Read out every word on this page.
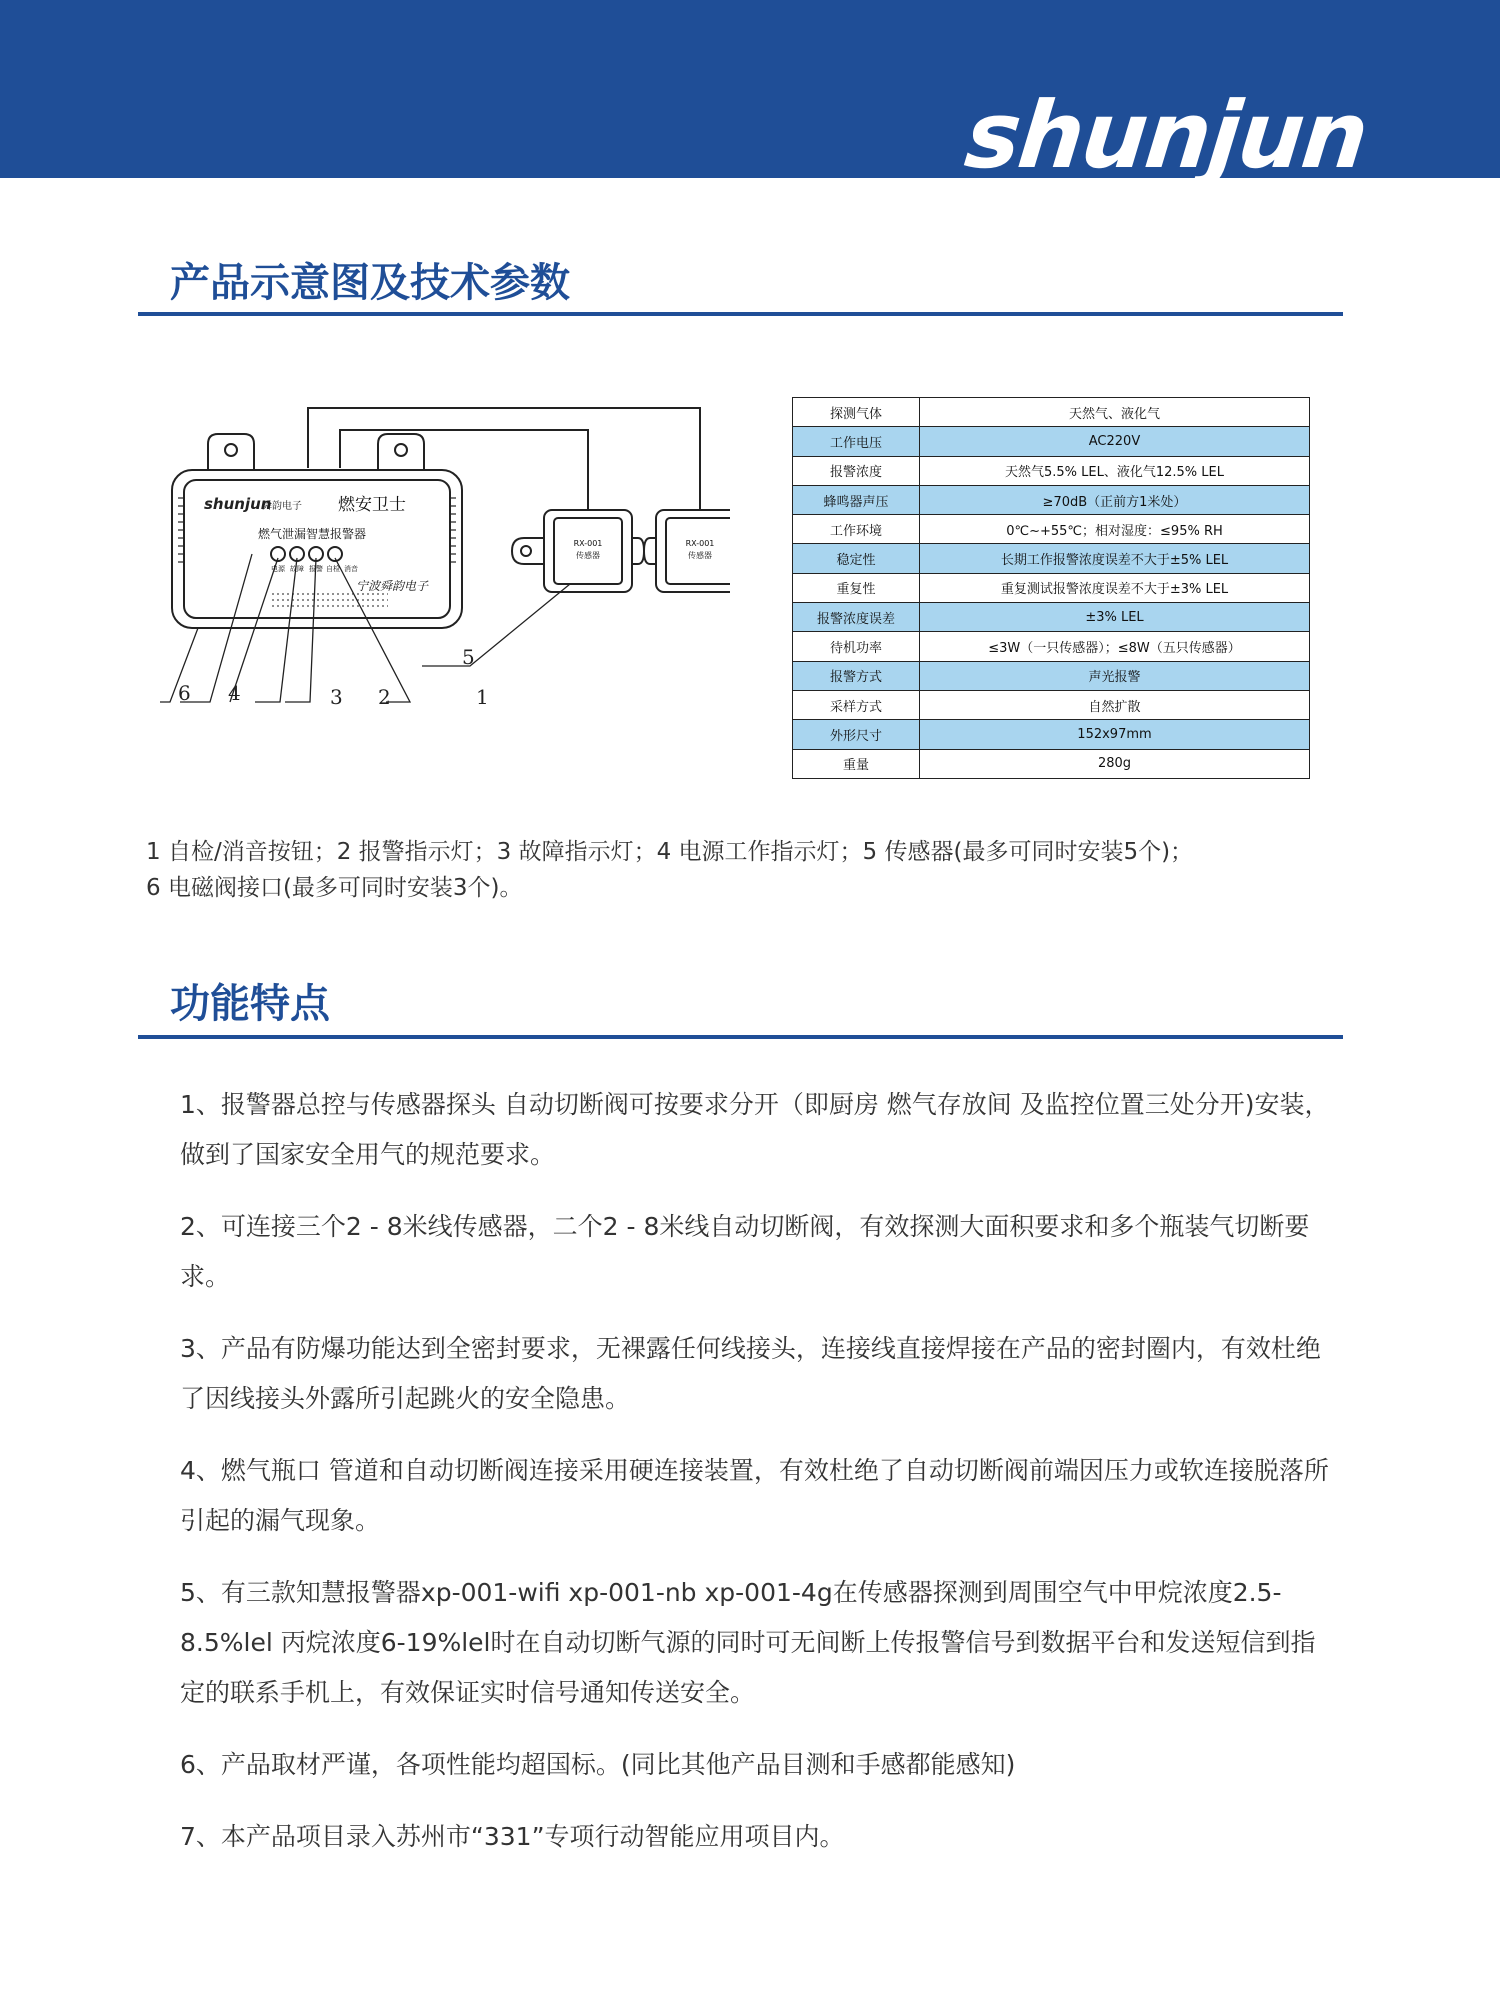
shunjun
产品示意图及技术参数
shunjun
舜韵电子 燃安卫士
燃气泄漏智慧报警器
电源 故障 报警 自检 消音
宁波舜韵电子
RX-001
传感器
RX-001
传感器
6 4	3 2	1
5
探测气体	天然气、液化气
工作电压	AC220V
报警浓度	天然气5.5% LEL、液化气12.5% LEL
蜂鸣器声压	≥70dB（正前方1米处）
工作环境	0℃~+55℃；相对湿度：≤95% RH
稳定性	长期工作报警浓度误差不大于±5% LEL
重复性	重复测试报警浓度误差不大于±3% LEL
报警浓度误差	±3% LEL
待机功率	≤3W（一只传感器）；≤8W（五只传感器）
报警方式	声光报警
采样方式	自然扩散
外形尺寸	152x97mm
重量	280g
1 自检/消音按钮；2 报警指示灯；3 故障指示灯；4 电源工作指示灯；5 传感器(最多可同时安装5个)；
6 电磁阀接口(最多可同时安装3个)。
功能特点

1、报警器总控与传感器探头 自动切断阀可按要求分开（即厨房 燃气存放间 及监控位置三处分开)安装，做到了国家安全用气的规范要求。

2、可连接三个2 - 8米线传感器，二个2 - 8米线自动切断阀，有效探测大面积要求和多个瓶装气切断要求。

3、产品有防爆功能达到全密封要求，无裸露任何线接头，连接线直接焊接在产品的密封圈内，有效杜绝了因线接头外露所引起跳火的安全隐患。

4、燃气瓶口 管道和自动切断阀连接采用硬连接装置，有效杜绝了自动切断阀前端因压力或软连接脱落所引起的漏气现象。

5、有三款知慧报警器xp-001-wifi xp-001-nb xp-001-4g在传感器探测到周围空气中甲烷浓度2.5-8.5%lel 丙烷浓度6-19%lel时在自动切断气源的同时可无间断上传报警信号到数据平台和发送短信到指定的联系手机上，有效保证实时信号通知传送安全。

6、产品取材严谨，各项性能均超国标。(同比其他产品目测和手感都能感知)

7、本产品项目录入苏州市“331”专项行动智能应用项目内。
